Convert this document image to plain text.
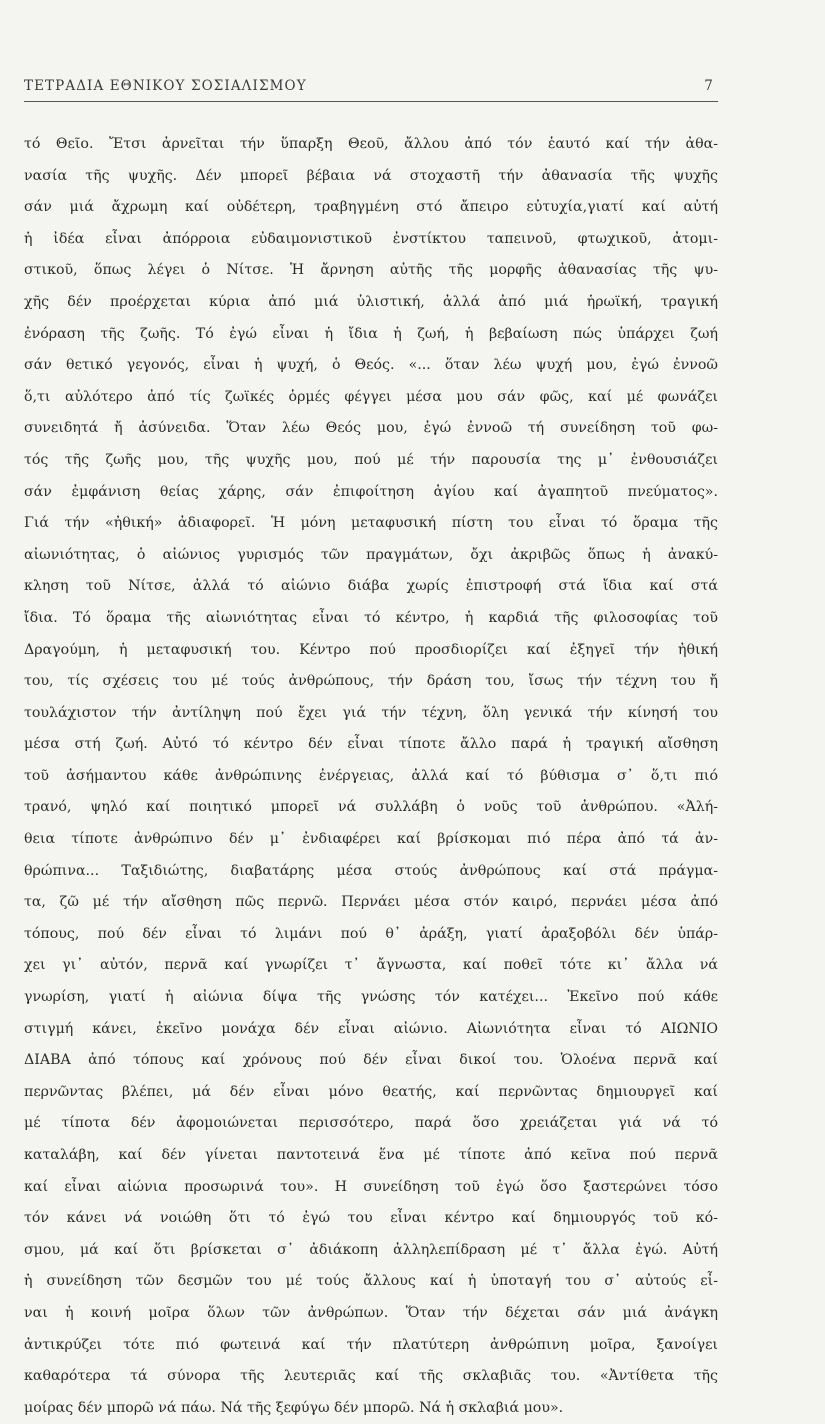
ΤΕΤΡΑΔΙΑ ΕΘΝΙΚΟΥ ΣΟΣΙΑΛΙΣΜΟΥ	7
τό Θεῖο. Ἔτσι ἀρνεῖται τήν ὕπαρξη Θεοῦ, ἄλλου ἀπό τόν ἑαυτό καί τήν ἀθα-
νασία τῆς ψυχῆς. Δέν μπορεῖ βέβαια νά στοχαστῆ τήν ἀθανασία τῆς ψυχῆς
σάν μιά ἄχρωμη καί οὐδέτερη, τραβηγμένη στό ἄπειρο εὐτυχία,γιατί καί αὐτή
ἡ ἰδέα εἶναι ἀπόρροια εὐδαιμονιστικοῦ ἐνστίκτου ταπεινοῦ, φτωχικοῦ, ἀτομι-
στικοῦ, ὅπως λέγει ὁ Νίτσε. Ἡ ἄρνηση αὐτῆς τῆς μορφῆς ἀθανασίας τῆς ψυ-
χῆς δέν προέρχεται κύρια ἀπό μιά ὑλιστική, ἀλλά ἀπό μιά ἡρωϊκή, τραγική
ἐνόραση τῆς ζωῆς. Τό ἐγώ εἶναι ἡ ἴδια ἡ ζωή, ἡ βεβαίωση πώς ὑπάρχει ζωή
σάν θετικό γεγονός, εἶναι ἡ ψυχή, ὁ Θεός. «... ὅταν λέω ψυχή μου, ἐγώ ἐννοῶ
ὅ,τι αὐλότερο ἀπό τίς ζωϊκές ὁρμές φέγγει μέσα μου σάν φῶς, καί μέ φωνάζει
συνειδητά ἤ ἀσύνειδα. Ὅταν λέω Θεός μου, ἐγώ ἐννοῶ τή συνείδηση τοῦ φω-
τός τῆς ζωῆς μου, τῆς ψυχῆς μου, πού μέ τήν παρουσία της μ᾽ ἐνθουσιάζει
σάν ἐμφάνιση θείας χάρης, σάν ἐπιφοίτηση ἁγίου καί ἀγαπητοῦ πνεύματος».
Γιά τήν «ἠθική» ἀδιαφορεῖ. Ἡ μόνη μεταφυσική πίστη του εἶναι τό ὅραμα τῆς
αἰωνιότητας, ὁ αἰώνιος γυρισμός τῶν πραγμάτων, ὄχι ἀκριβῶς ὅπως ἡ ἀνακύ-
κληση τοῦ Νίτσε, ἀλλά τό αἰώνιο διάβα χωρίς ἐπιστροφή στά ἴδια καί στά
ἴδια. Τό ὅραμα τῆς αἰωνιότητας εἶναι τό κέντρο, ἡ καρδιά τῆς φιλοσοφίας τοῦ
Δραγούμη, ἡ μεταφυσική του. Κέντρο πού προσδιορίζει καί ἐξηγεῖ τήν ἠθική
του, τίς σχέσεις του μέ τούς ἀνθρώπους, τήν δράση του, ἴσως τήν τέχνη του ἤ
τουλάχιστον τήν ἀντίληψη πού ἔχει γιά τήν τέχνη, ὅλη γενικά τήν κίνησή του
μέσα στή ζωή. Αὐτό τό κέντρο δέν εἶναι τίποτε ἄλλο παρά ἡ τραγική αἴσθηση
τοῦ ἀσήμαντου κάθε ἀνθρώπινης ἐνέργειας, ἀλλά καί τό βύθισμα σ᾽ ὅ,τι πιό
τρανό, ψηλό καί ποιητικό μπορεῖ νά συλλάβη ὁ νοῦς τοῦ ἀνθρώπου. «Ἀλή-
θεια τίποτε ἀνθρώπινο δέν μ᾽ ἐνδιαφέρει καί βρίσκομαι πιό πέρα ἀπό τά ἀν-
θρώπινα... Ταξιδιώτης, διαβατάρης μέσα στούς ἀνθρώπους καί στά πράγμα-
τα, ζῶ μέ τήν αἴσθηση πῶς περνῶ. Περνάει μέσα στόν καιρό, περνάει μέσα ἀπό
τόπους, πού δέν εἶναι τό λιμάνι πού θ᾽ ἀράξη, γιατί ἀραξοβόλι δέν ὑπάρ-
χει γι᾽ αὐτόν, περνᾶ καί γνωρίζει τ᾽ ἄγνωστα, καί ποθεῖ τότε κι᾽ ἄλλα νά
γνωρίση, γιατί ἡ αἰώνια δίψα τῆς γνώσης τόν κατέχει... Ἐκεῖνο πού κάθε
στιγμή κάνει, ἐκεῖνο μονάχα δέν εἶναι αἰώνιο. Αἰωνιότητα εἶναι τό ΑΙΩΝΙΟ
ΔΙΑΒΑ ἀπό τόπους καί χρόνους πού δέν εἶναι δικοί του. Ὁλοένα περνᾶ καί
περνῶντας βλέπει, μά δέν εἶναι μόνο θεατής, καί περνῶντας δημιουργεῖ καί
μέ τίποτα δέν ἀφομοιώνεται περισσότερο, παρά ὅσο χρειάζεται γιά νά τό
καταλάβη, καί δέν γίνεται παντοτεινά ἕνα μέ τίποτε ἀπό κεῖνα πού περνᾶ
καί εἶναι αἰώνια προσωρινά του». Η συνείδηση τοῦ ἐγώ ὅσο ξαστερώνει τόσο
τόν κάνει νά νοιώθη ὅτι τό ἐγώ του εἶναι κέντρο καί δημιουργός τοῦ κό-
σμου, μά καί ὅτι βρίσκεται σ᾽ ἀδιάκοπη ἀλληλεπίδραση μέ τ᾽ ἄλλα ἐγώ. Αὐτή
ἡ συνείδηση τῶν δεσμῶν του μέ τούς ἄλλους καί ἡ ὑποταγή του σ᾽ αὐτούς εἶ-
ναι ἡ κοινή μοῖρα ὅλων τῶν ἀνθρώπων. Ὅταν τήν δέχεται σάν μιά ἀνάγκη
ἀντικρύζει τότε πιό φωτεινά καί τήν πλατύτερη ἀνθρώπινη μοῖρα, ξανοίγει
καθαρότερα τά σύνορα τῆς λευτεριᾶς καί τῆς σκλαβιᾶς του. «Ἀντίθετα τῆς
μοίρας δέν μπορῶ νά πάω. Νά τῆς ξεφύγω δέν μπορῶ. Νά ἡ σκλαβιά μου».
